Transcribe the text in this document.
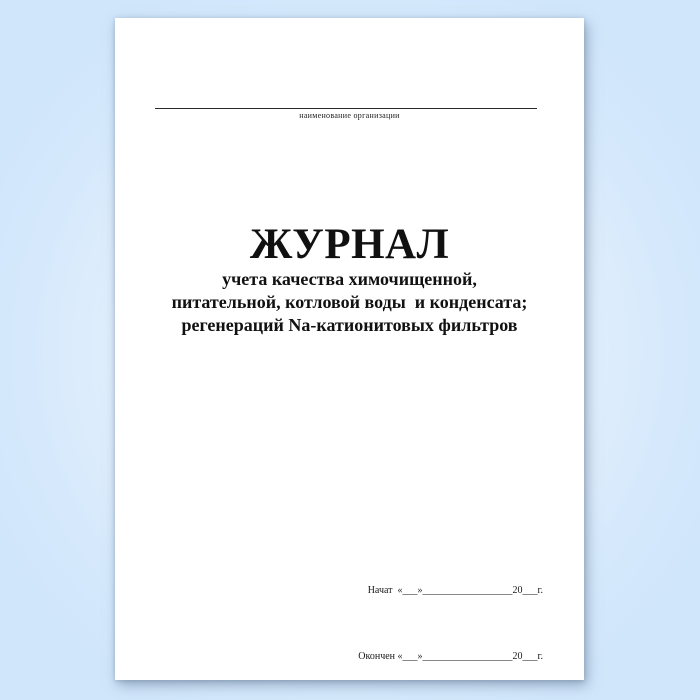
наименование организации
ЖУРНАЛ
учета качества химочищенной,
питательной, котловой воды  и конденсата;
регенераций Na-катионитовых фильтров

Начат  «___»__________________20___г.

Окончен «___»__________________20___г.
